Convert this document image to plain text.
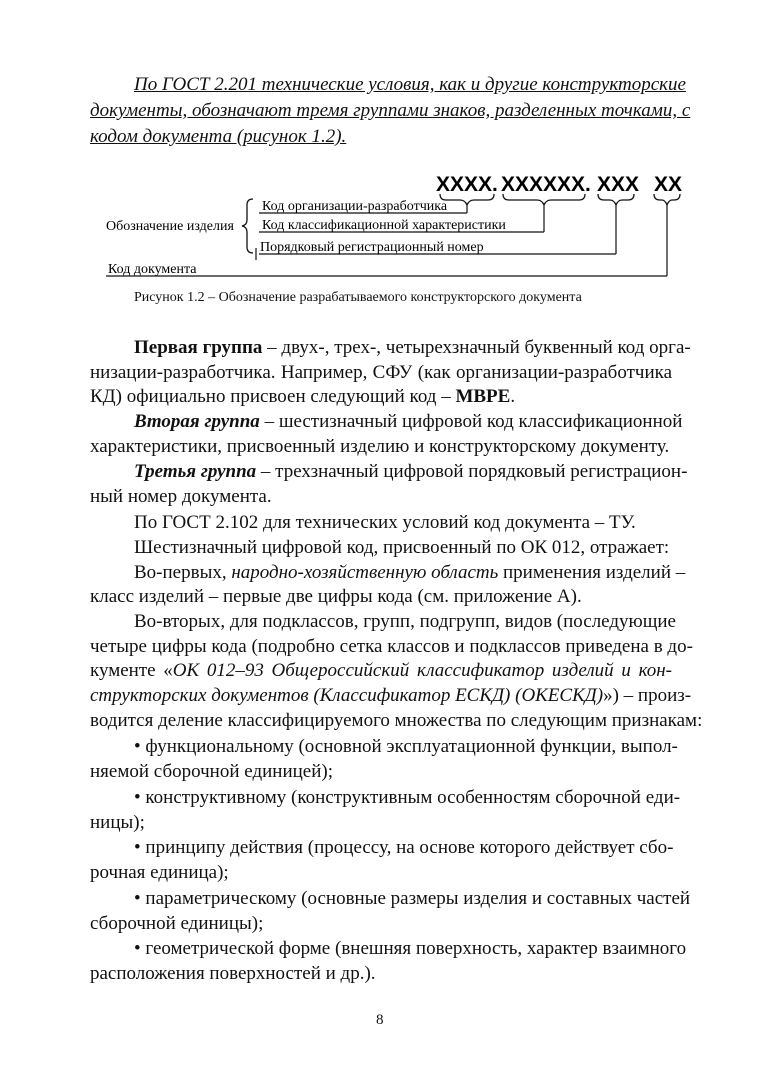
По ГОСТ 2.201 технические условия, как и другие конструкторские
документы, обозначают тремя группами знаков, разделенных точками, с
кодом документа (рисунок 1.2).
XXXX. XXXXXX. XXX XX
Обозначение изделия
Код организации-разработчика
Код классификационной характеристики
Порядковый регистрационный номер
Код документа
Рисунок 1.2 – Обозначение разрабатываемого конструкторского документа
Первая группа – двух-, трех-, четырехзначный буквенный код орга-
низации-разработчика. Например, СФУ (как организации-разработчика
КД) официально присвоен следующий код – МВРЕ.
Вторая группа – шестизначный цифровой код классификационной
характеристики, присвоенный изделию и конструкторскому документу.
Третья группа – трехзначный цифровой порядковый регистрацион-
ный номер документа.
По ГОСТ 2.102 для технических условий код документа – ТУ.
Шестизначный цифровой код, присвоенный по ОК 012, отражает:
Во-первых, народно-хозяйственную область применения изделий –
класс изделий – первые две цифры кода (см. приложение А).
Во-вторых, для подклассов, групп, подгрупп, видов (последующие
четыре цифры кода (подробно сетка классов и подклассов приведена в до-
кументе «ОК 012–93 Общероссийский классификатор изделий и кон-
структорских документов (Классификатор ЕСКД) (ОКЕСКД)») – произ-
водится деление классифицируемого множества по следующим признакам:
• функциональному (основной эксплуатационной функции, выпол-
няемой сборочной единицей);
• конструктивному (конструктивным особенностям сборочной еди-
ницы);
• принципу действия (процессу, на основе которого действует сбо-
рочная единица);
• параметрическому (основные размеры изделия и составных частей
сборочной единицы);
• геометрической форме (внешняя поверхность, характер взаимного
расположения поверхностей и др.).
8
